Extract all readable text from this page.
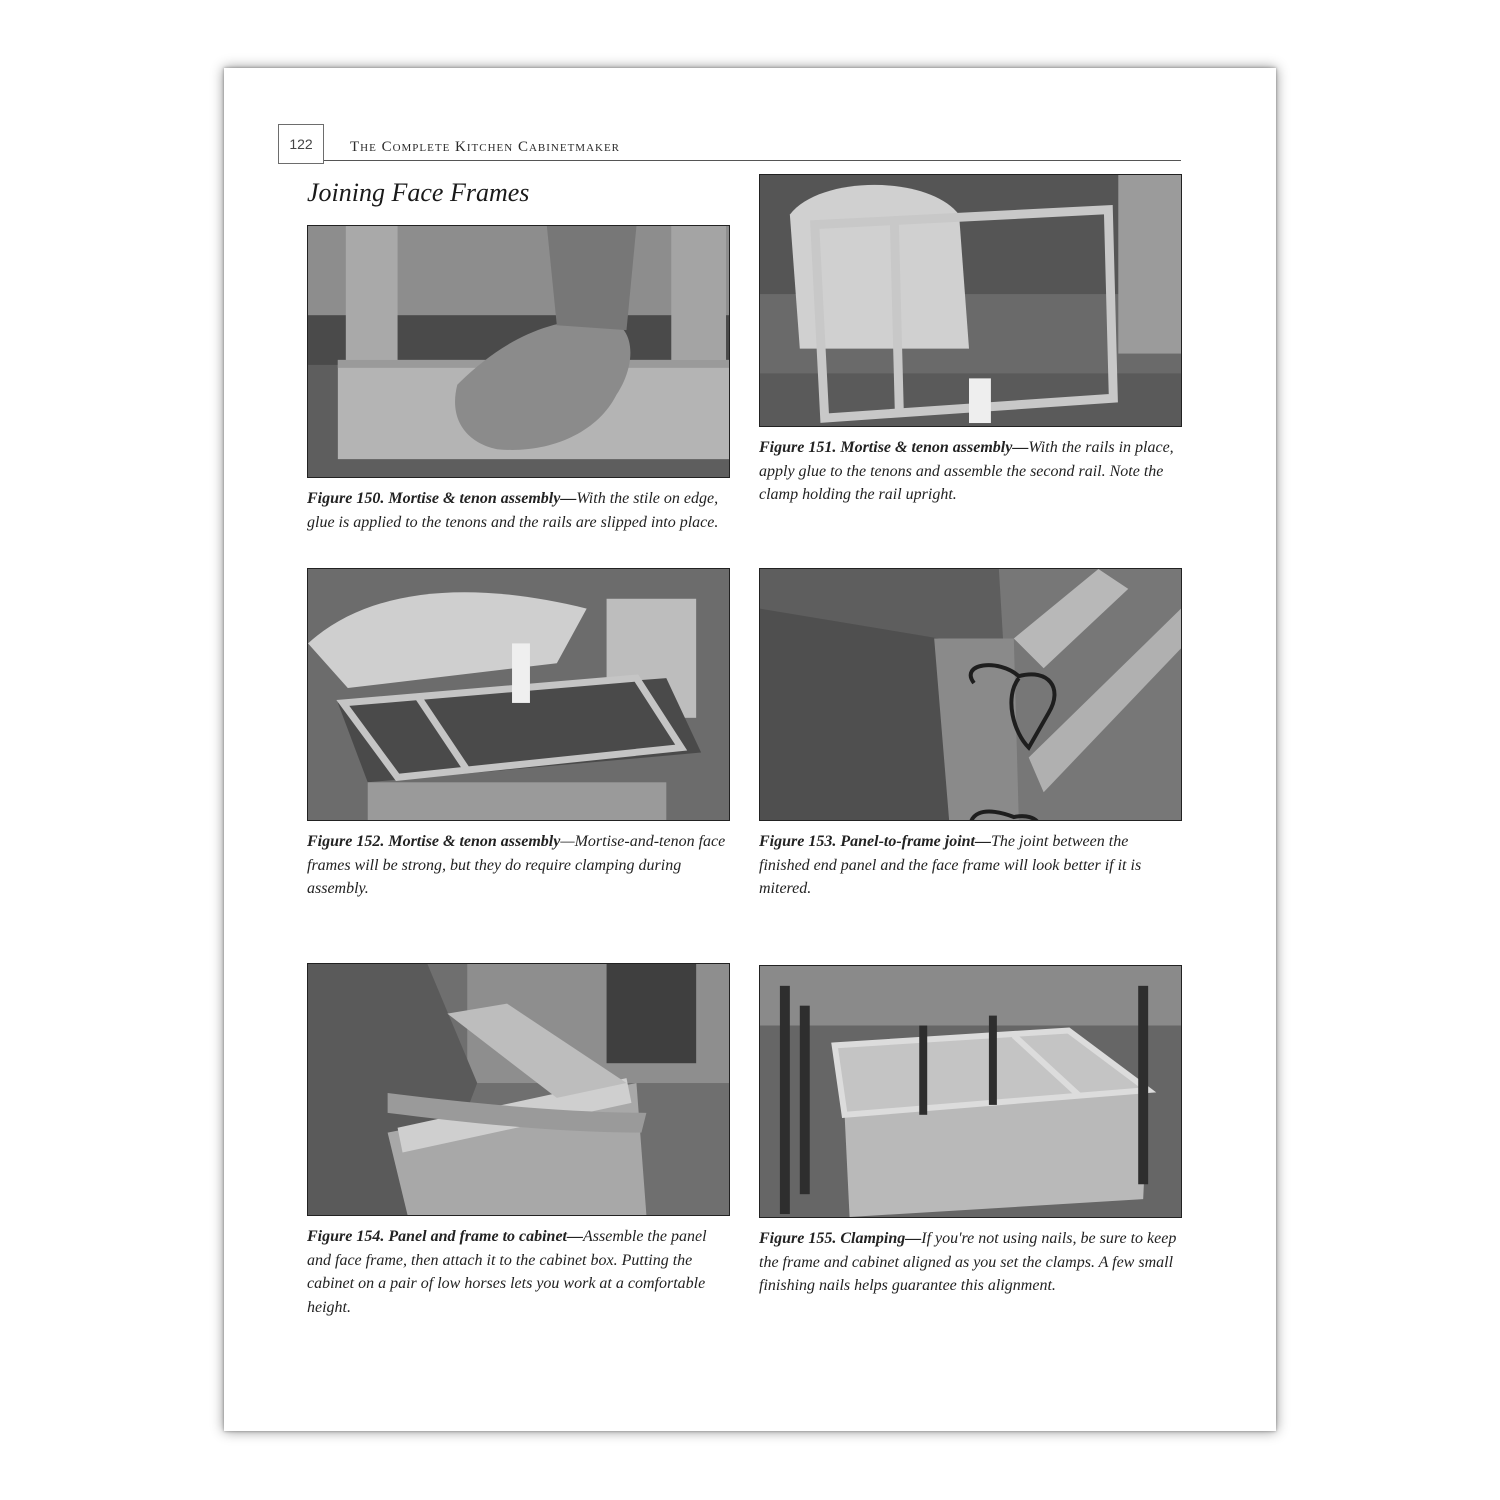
122	The Complete Kitchen Cabinetmaker
Joining Face Frames
Figure 150. Mortise & tenon assembly—With the stile on edge, glue is applied to the tenons and the rails are slipped into place.
Figure 151. Mortise & tenon assembly—With the rails in place, apply glue to the tenons and assemble the second rail. Note the clamp holding the rail upright.
Figure 152. Mortise & tenon assembly—Mortise-and-tenon face frames will be strong, but they do require clamping during assembly.
Figure 153. Panel-to-frame joint—The joint between the finished end panel and the face frame will look better if it is mitered.
Figure 154. Panel and frame to cabinet—Assemble the panel and face frame, then attach it to the cabinet box. Putting the cabinet on a pair of low horses lets you work at a comfortable height.
Figure 155. Clamping—If you're not using nails, be sure to keep the frame and cabinet aligned as you set the clamps. A few small finishing nails helps guarantee this alignment.
